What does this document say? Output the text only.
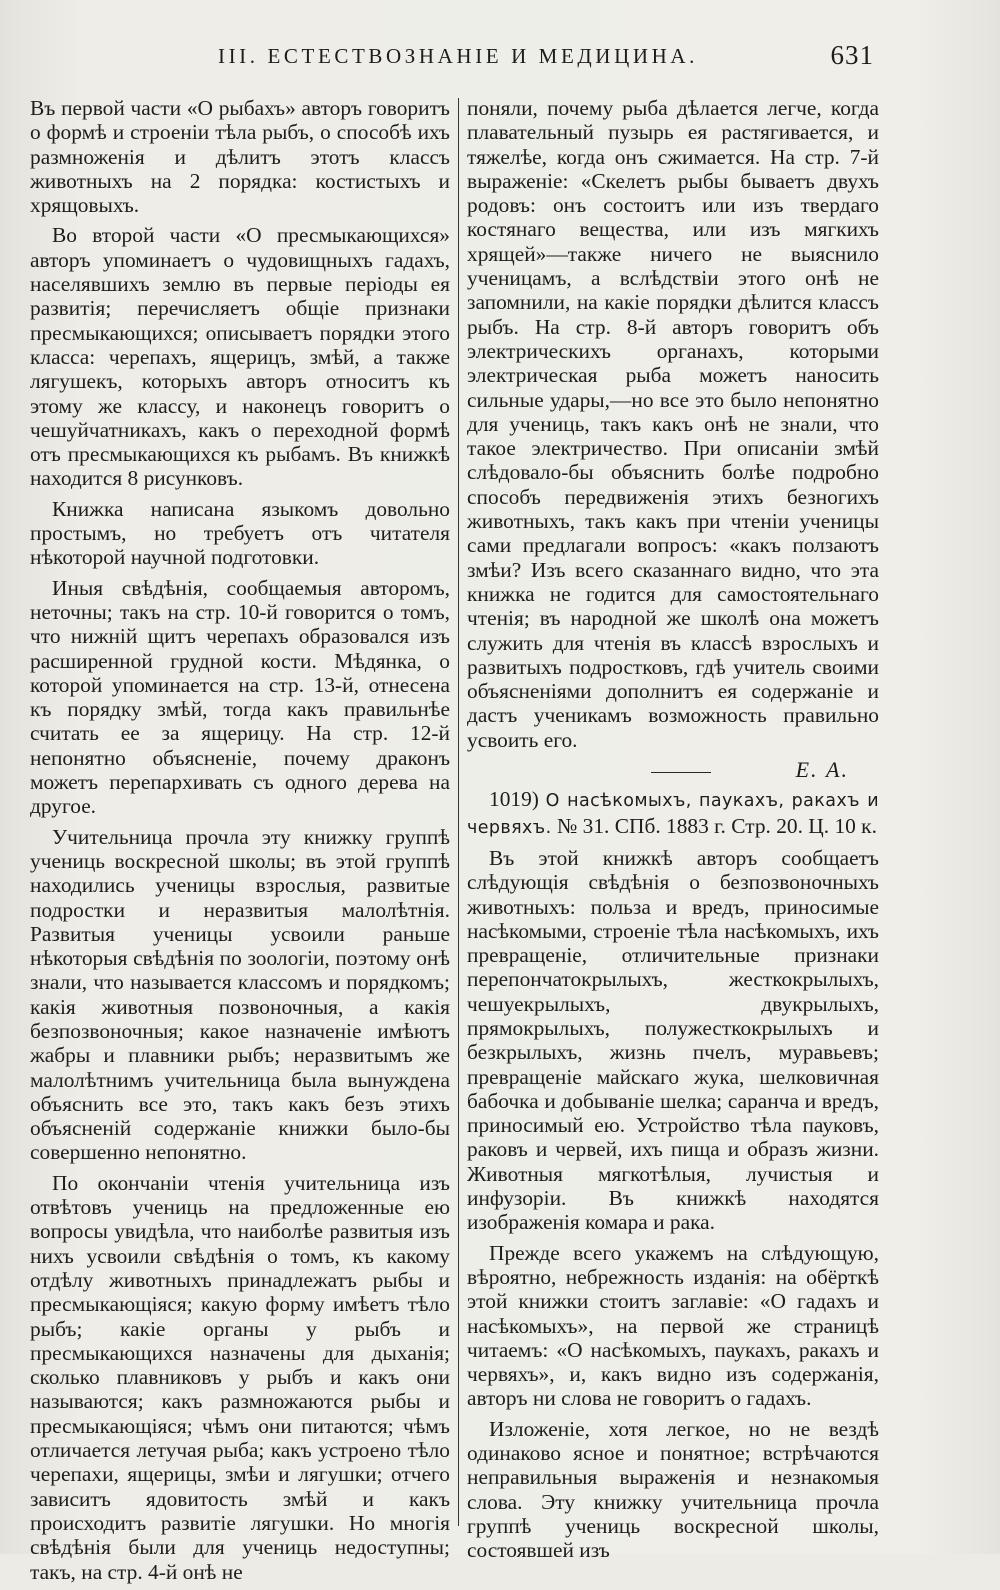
III. ЕСТЕСТВОЗНАНІЕ И МЕДИЦИНА.	631

Въ первой части «О рыбахъ» авторъ говоритъ о формѣ и строеніи тѣла рыбъ, о способѣ ихъ размноженія и дѣлитъ этотъ классъ животныхъ на 2 порядка: костистыхъ и хрящовыхъ.

Во второй части «О пресмыкающихся» авторъ упоминаетъ о чудовищныхъ гадахъ, населявшихъ землю въ первые періоды ея развитія; перечисляетъ общіе признаки пресмыкающихся; описываетъ порядки этого класса: черепахъ, ящерицъ, змѣй, а также лягушекъ, которыхъ авторъ относитъ къ этому же классу, и наконецъ говоритъ о чешуйчатникахъ, какъ о переходной формѣ отъ пресмыкающихся къ рыбамъ. Въ книжкѣ находится 8 рисунковъ.

Книжка написана языкомъ довольно простымъ, но требуетъ отъ читателя нѣкоторой научной подготовки.

Иныя свѣдѣнія, сообщаемыя авторомъ, неточны; такъ на стр. 10-й говорится о томъ, что нижній щитъ черепахъ образовался изъ расширенной грудной кости. Мѣдянка, о которой упоминается на стр. 13-й, отнесена къ порядку змѣй, тогда какъ правильнѣе считать ее за ящерицу. На стр. 12-й непонятно объясненіе, почему драконъ можетъ перепархивать съ одного дерева на другое.

Учительница прочла эту книжку группѣ учениць воскресной школы; въ этой группѣ находились ученицы взрослыя, развитые подростки и неразвитыя малолѣтнія. Развитыя ученицы усвоили раньше нѣкоторыя свѣдѣнія по зоологіи, поэтому онѣ знали, что называется классомъ и порядкомъ; какія животныя позвоночныя, а какія безпозвоночныя; какое назначеніе имѣютъ жабры и плавники рыбъ; неразвитымъ же малолѣтнимъ учительница была вынуждена объяснить все это, такъ какъ безъ этихъ объясненій содержаніе книжки было-бы совершенно непонятно.

По окончаніи чтенія учительница изъ отвѣтовъ учениць на предложенные ею вопросы увидѣла, что наиболѣе развитыя изъ нихъ усвоили свѣдѣнія о томъ, къ какому отдѣлу животныхъ принадлежатъ рыбы и пресмыкающіяся; какую форму имѣетъ тѣло рыбъ; какіе органы у рыбъ и пресмыкающихся назначены для дыханія; сколько плавниковъ у рыбъ и какъ они называются; какъ размножаются рыбы и пресмыкающіяся; чѣмъ они питаются; чѣмъ отличается летучая рыба; какъ устроено тѣло черепахи, ящерицы, змѣи и лягушки; отчего зависитъ ядовитость змѣй и какъ происходитъ развитіе лягушки. Но многія свѣдѣнія были для учениць недоступны; такъ, на стр. 4-й онѣ не

поняли, почему рыба дѣлается легче, когда плавательный пузырь ея растягивается, и тяжелѣе, когда онъ сжимается. На стр. 7-й выраженіе: «Скелетъ рыбы бываетъ двухъ родовъ: онъ состоитъ или изъ твердаго костянаго вещества, или изъ мягкихъ хрящей»—также ничего не выяснило ученицамъ, а вслѣдствіи этого онѣ не запомнили, на какіе порядки дѣлится классъ рыбъ. На стр. 8-й авторъ говоритъ объ электрическихъ органахъ, которыми электрическая рыба можетъ наносить сильные удары,—но все это было непонятно для учениць, такъ какъ онѣ не знали, что такое электричество. При описаніи змѣй слѣдовало-бы объяснить болѣе подробно способъ передвиженія этихъ безногихъ животныхъ, такъ какъ при чтеніи ученицы сами предлагали вопросъ: «какъ ползаютъ змѣи? Изъ всего сказаннаго видно, что эта книжка не годится для самостоятельнаго чтенія; въ народной же школѣ она можетъ служить для чтенія въ классѣ взрослыхъ и развитыхъ подростковъ, гдѣ учитель своими объясненіями дополнитъ ея содержаніе и дастъ ученикамъ возможность правильно усвоить его.

Е. А.

1019) О насѣкомыхъ, паукахъ, ракахъ и червяхъ. № 31. СПб. 1883 г. Стр. 20. Ц. 10 к.

Въ этой книжкѣ авторъ сообщаетъ слѣдующія свѣдѣнія о безпозвоночныхъ животныхъ: польза и вредъ, приносимые насѣкомыми, строеніе тѣла насѣкомыхъ, ихъ превращеніе, отличительные признаки перепончатокрылыхъ, жесткокрылыхъ, чешуекрылыхъ, двукрылыхъ, прямокрылыхъ, полужесткокрылыхъ и безкрылыхъ, жизнь пчелъ, муравьевъ; превращеніе майскаго жука, шелковичная бабочка и добываніе шелка; саранча и вредъ, приносимый ею. Устройство тѣла пауковъ, раковъ и червей, ихъ пища и образъ жизни. Животныя мягкотѣлыя, лучистыя и инфузоріи. Въ книжкѣ находятся изображенія комара и рака.

Прежде всего укажемъ на слѣдующую, вѣроятно, небрежность изданія: на обёрткѣ этой книжки стоитъ заглавіе: «О гадахъ и насѣкомыхъ», на первой же страницѣ читаемъ: «О насѣкомыхъ, паукахъ, ракахъ и червяхъ», и, какъ видно изъ содержанія, авторъ ни слова не говоритъ о гадахъ.

Изложеніе, хотя легкое, но не вездѣ одинаково ясное и понятное; встрѣчаются неправильныя выраженія и незнакомыя слова. Эту книжку учительница прочла группѣ учениць воскресной школы, состоявшей изъ
